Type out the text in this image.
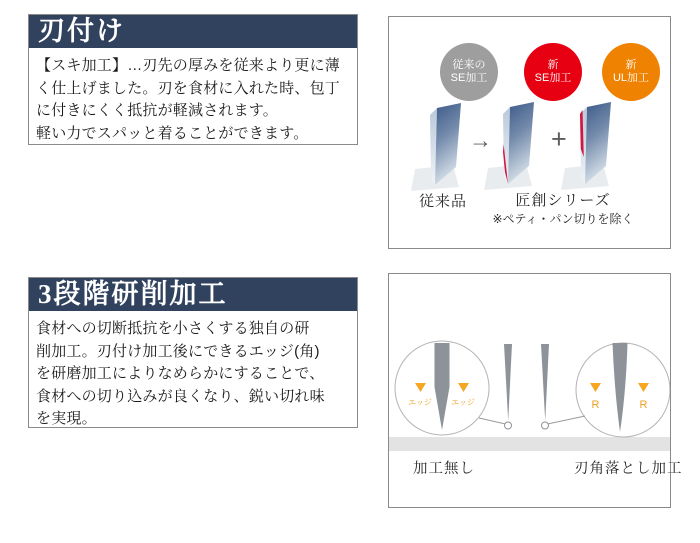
刃付け
【スキ加工】…刃先の厚みを従来より更に薄
く仕上げました。刃を食材に入れた時、包丁
に付きにくく抵抗が軽減されます。
軽い力でスパッと着ることができます。
3段階研削加工
食材への切断抵抗を小さくする独自の研
削加工。刃付け加工後にできるエッジ(角)
を研磨加工によりなめらかにすることで、
食材への切り込みが良くなり、鋭い切れ味
を実現。
従来の
SE加工
新
SE加工
新
UL加工
→ +
従来品	匠創シリーズ
※ペティ・パン切りを除く
エッジ エッジ	R	R
加工無し	刃角落とし加工
